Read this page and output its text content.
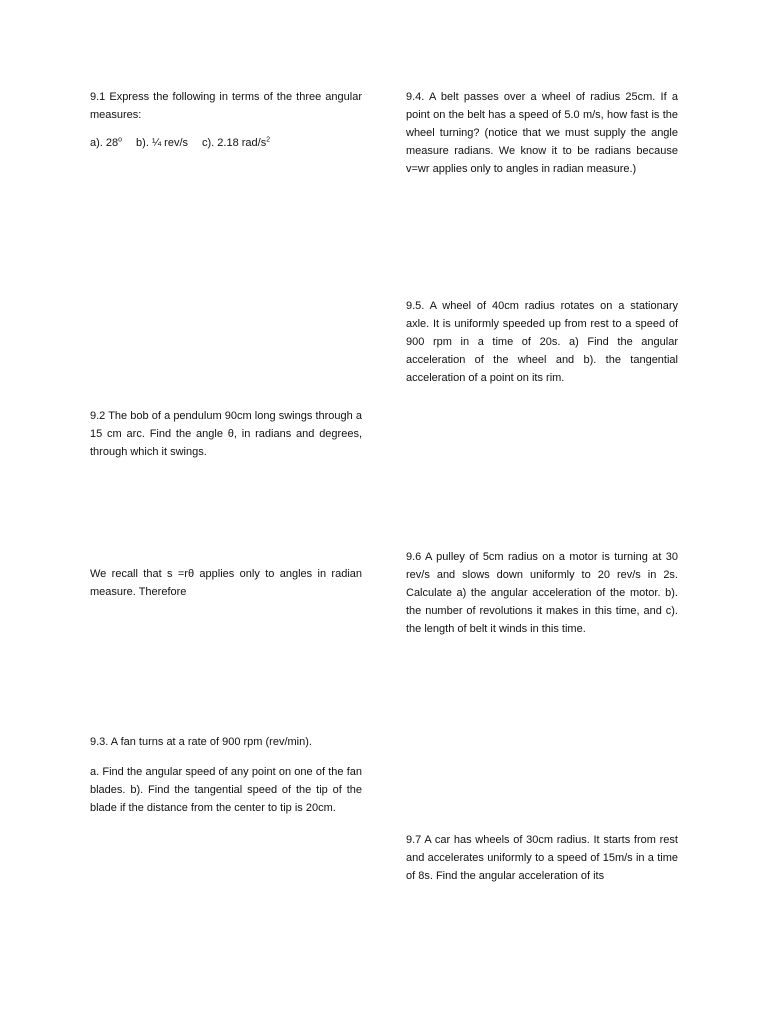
9.1 Express the following in terms of the three angular measures:

a). 28$^o$ b). ¼ rev/s c). 2.18 rad/$s^2$

9.2 The bob of a pendulum 90cm long swings through a 15 cm arc. Find the angle θ, in radians and degrees, through which it swings.

We recall that s =rθ applies only to angles in radian measure. Therefore

9.3. A fan turns at a rate of 900 rpm (rev/min).

a. Find the angular speed of any point on one of the fan blades. b). Find the tangential speed of the tip of the blade if the distance from the center to tip is 20cm.

9.4. A belt passes over a wheel of radius 25cm. If a point on the belt has a speed of 5.0 m/s, how fast is the wheel turning? (notice that we must supply the angle measure radians. We know it to be radians because v=wr applies only to angles in radian measure.)

9.5. A wheel of 40cm radius rotates on a stationary axle. It is uniformly speeded up from rest to a speed of 900 rpm in a time of 20s. a) Find the angular acceleration of the wheel and b). the tangential acceleration of a point on its rim.

9.6 A pulley of 5cm radius on a motor is turning at 30 rev/s and slows down uniformly to 20 rev/s in 2s. Calculate a) the angular acceleration of the motor. b). the number of revolutions it makes in this time, and c). the length of belt it winds in this time.

9.7 A car has wheels of 30cm radius. It starts from rest and accelerates uniformly to a speed of 15m/s in a time of 8s. Find the angular acceleration of its
